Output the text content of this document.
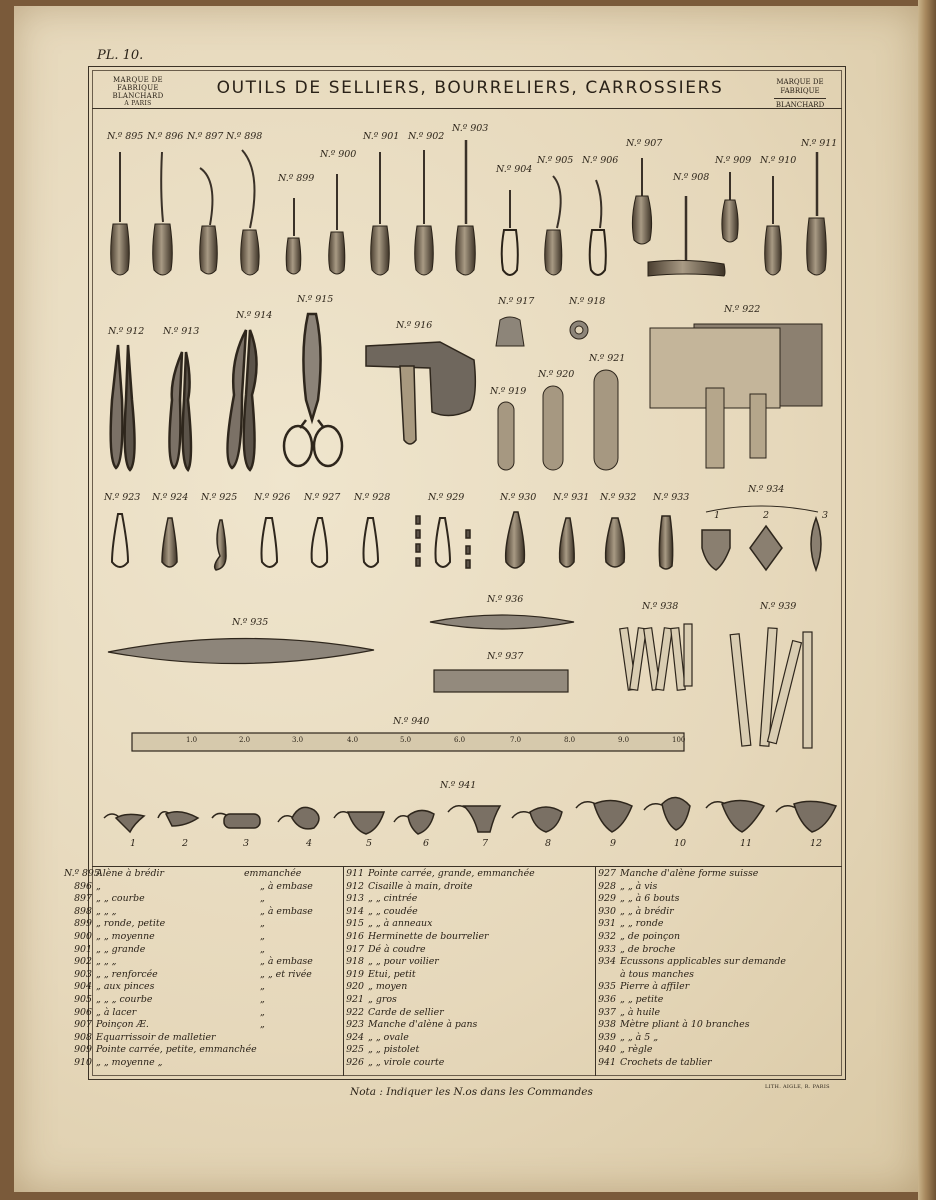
PL. 10.
MARQUE DE FABRIQUE
BLANCHARD
A PARIS
OUTILS DE SELLIERS, BOURRELIERS, CARROSSIERS	MARQUE DE FABRIQUE
BLANCHARD
N.º 895 N.º 896 N.º 897 N.º 898
N.º 899
N.º 900
N.º 901 N.º 902
N.º 903
N.º 904
N.º 905 N.º 906
N.º 907
N.º 908
N.º 909 N.º 910
N.º 911
N.º 912 N.º 913
N.º 914
N.º 915
N.º 916
N.º 917	N.º 918
N.º 919
N.º 920
N.º 921
N.º 922
N.º 923 N.º 924 N.º 925 N.º 926 N.º 927 N.º 928	N.º 929	N.º 930 N.º 931 N.º 932 N.º 933
N.º 934
1	2	3
N.º 935
N.º 936
N.º 937
N.º 938	N.º 939
N.º 940
1.0	2.0	3.0	4.0	5.0	6.0	7.0	8.0	9.0	100
N.º 941
1	2	3	4	5	6	7	8	9	10	11	12
N.º 895Alène à brédir	emmanchée
896 „	„ à embase
897 „ „ courbe	„
898 „ „ „	„ à embase
899 „ ronde, petite	„
900 „ „ moyenne	„
901 „ „ grande	„
902 „ „ „	„ à embase
903 „ „ renforcée	„ „ et rivée
904 „ aux pinces	„
905 „ „ „ courbe	„
906 „ à lacer	„
907 Poinçon Æ.	„
908 Equarrissoir de malletier
909 Pointe carrée, petite, emmanchée
910 „ „ moyenne „
911 Pointe carrée, grande, emmanchée
912 Cisaille à main, droite
913 „ „ cintrée
914 „ „ coudée
915 „ „ à anneaux
916 Herminette de bourrelier
917 Dé à coudre
918 „ „ pour voilier
919 Etui, petit
920 „ moyen
921 „ gros
922 Carde de sellier
923 Manche d'alène à pans
924 „ „ ovale
925 „ „ pistolet
926 „ „ virole courte
927 Manche d'alène forme suisse
928 „ „ à vis
929 „ „ à 6 bouts
930 „ „ à brédir
931 „ „ ronde
932 „ de poinçon
933 „ de broche
934 Ecussons applicables sur demande
à tous manches
935 Pierre à affiler
936 „ „ petite
937 „ à huile
938 Mètre pliant à 10 branches
939 „ „ à 5 „
940 „ règle
941 Crochets de tablier
Nota : Indiquer les N.os dans les Commandes	LITH. AIGLE, R. PARIS
